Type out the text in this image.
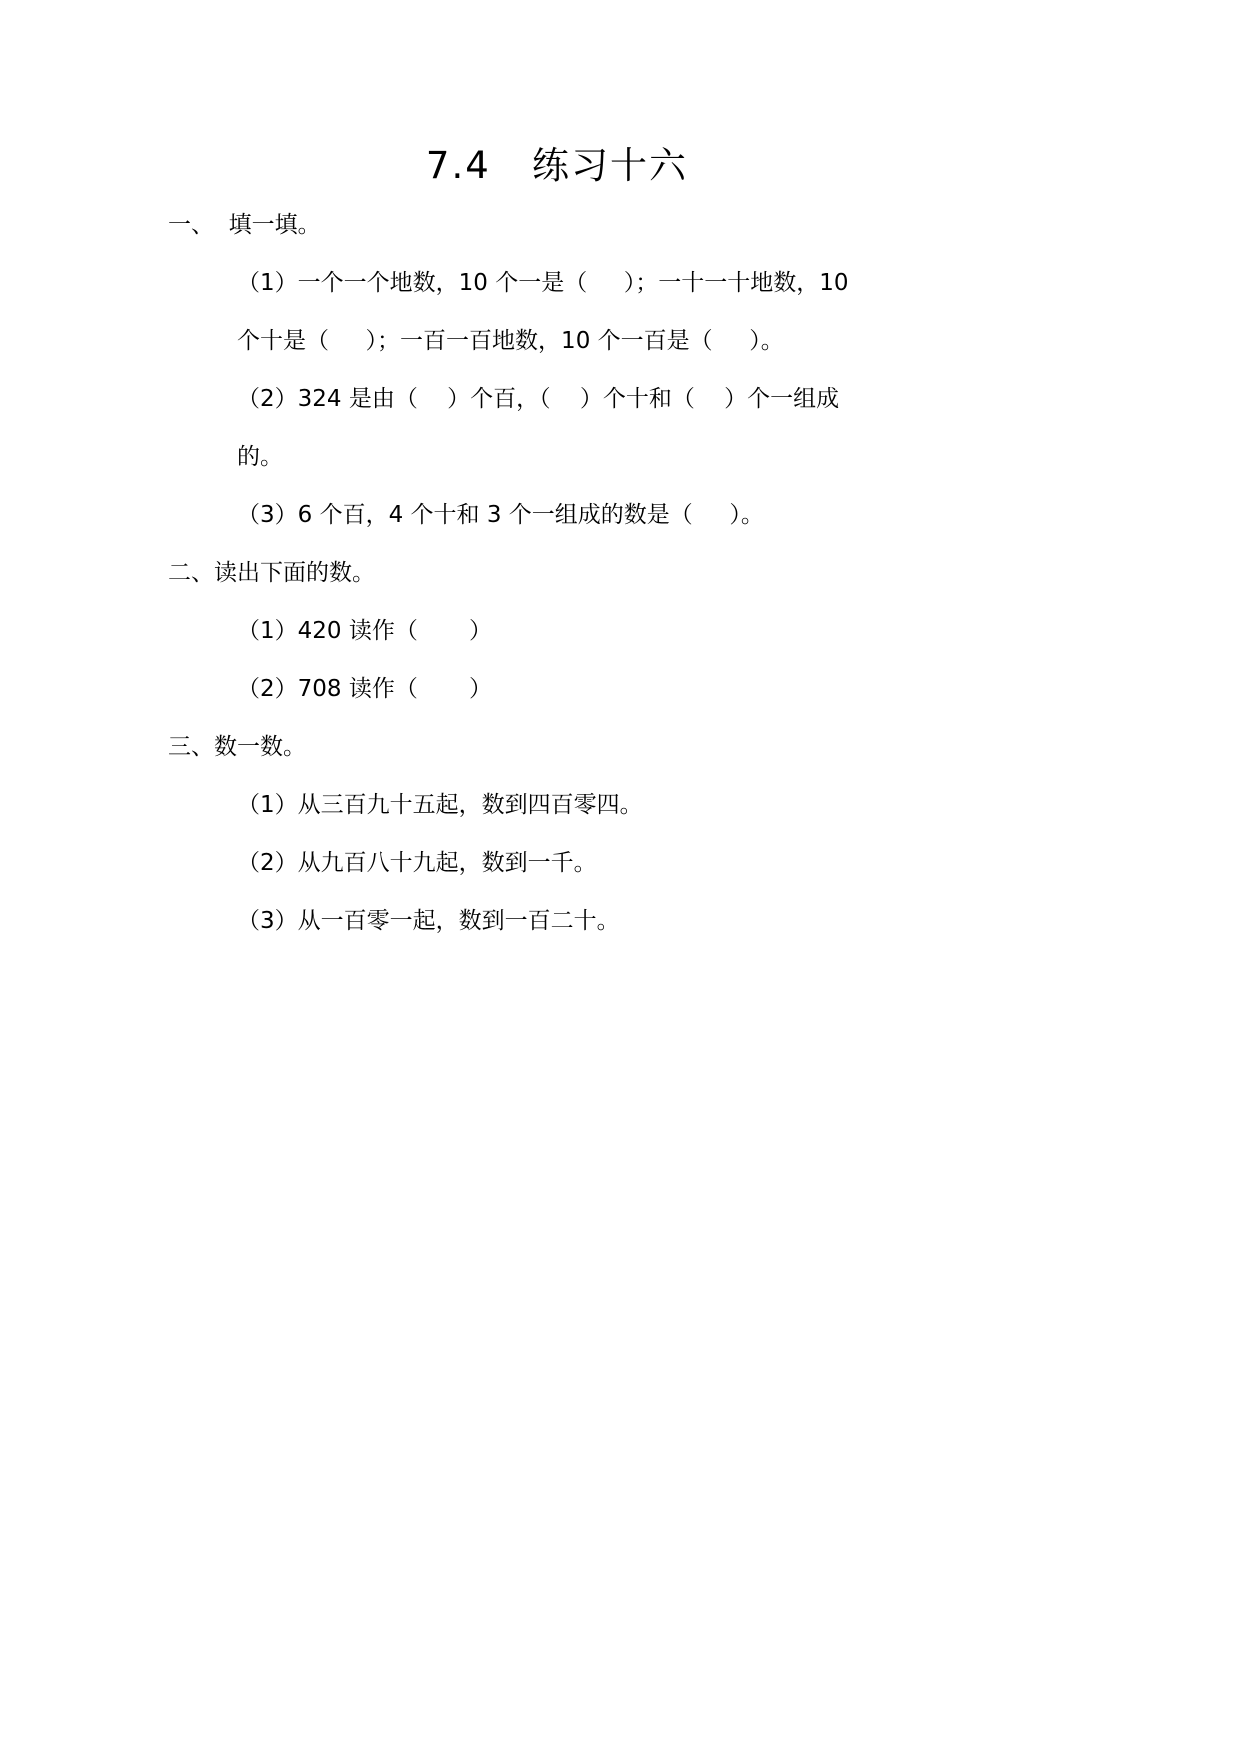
7.4   练习十六
一、  填一填。
（1）一个一个地数，10 个一是（     ）；一十一十地数，10
个十是（     ）；一百一百地数，10 个一百是（     ）。
（2）324 是由（    ）个百，（    ）个十和（    ）个一组成
的。
（3）6 个百，4 个十和 3 个一组成的数是（     ）。
二、读出下面的数。
（1）420 读作（       ）
（2）708 读作（       ）
三、数一数。
（1）从三百九十五起，数到四百零四。
（2）从九百八十九起，数到一千。
（3）从一百零一起，数到一百二十。
